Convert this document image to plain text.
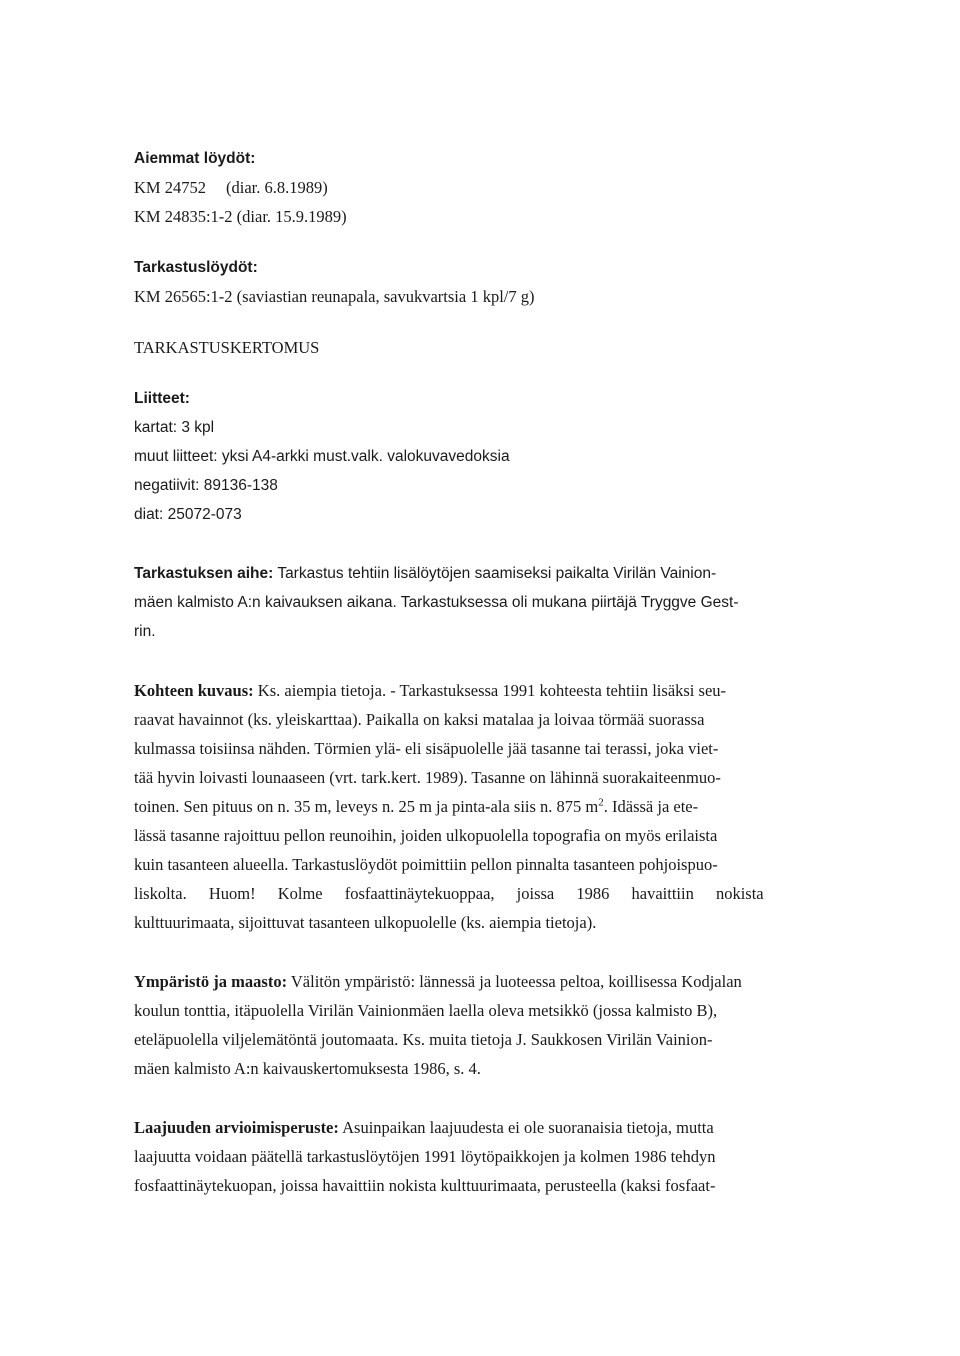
Aiemmat löydöt:
KM 24752 (diar. 6.8.1989)
KM 24835:1-2 (diar. 15.9.1989)
Tarkastuslöydöt:
KM 26565:1-2 (saviastian reunapala, savukvartsia 1 kpl/7 g)
TARKASTUSKERTOMUS
Liitteet:
kartat: 3 kpl
muut liitteet: yksi A4-arkki must.valk. valokuvavedoksia
negatiivit: 89136-138
diat: 25072-073
Tarkastuksen aihe: Tarkastus tehtiin lisälöytöjen saamiseksi paikalta Virilän Vainion-
mäen kalmisto A:n kaivauksen aikana. Tarkastuksessa oli mukana piirtäjä Tryggve Gest-
rin.
Kohteen kuvaus: Ks. aiempia tietoja. - Tarkastuksessa 1991 kohteesta tehtiin lisäksi seu-
raavat havainnot (ks. yleiskarttaa). Paikalla on kaksi matalaa ja loivaa törmää suorassa
kulmassa toisiinsa nähden. Törmien ylä- eli sisäpuolelle jää tasanne tai terassi, joka viet-
tää hyvin loivasti lounaaseen (vrt. tark.kert. 1989). Tasanne on lähinnä suorakaiteenmuo-
toinen. Sen pituus on n. 35 m, leveys n. 25 m ja pinta-ala siis n. 875 $m^2$. Idässä ja ete-
lässä tasanne rajoittuu pellon reunoihin, joiden ulkopuolella topografia on myös erilaista
kuin tasanteen alueella. Tarkastuslöydöt poimittiin pellon pinnalta tasanteen pohjoispuo-
liskolta. Huom! Kolme fosfaattinäytekuoppaa, joissa 1986 havaittiin nokista
kulttuurimaata, sijoittuvat tasanteen ulkopuolelle (ks. aiempia tietoja).
Ympäristö ja maasto: Välitön ympäristö: lännessä ja luoteessa peltoa, koillisessa Kodjalan
koulun tonttia, itäpuolella Virilän Vainionmäen laella oleva metsikkö (jossa kalmisto B),
eteläpuolella viljelemätöntä joutomaata. Ks. muita tietoja J. Saukkosen Virilän Vainion-
mäen kalmisto A:n kaivauskertomuksesta 1986, s. 4.
Laajuuden arvioimisperuste: Asuinpaikan laajuudesta ei ole suoranaisia tietoja, mutta
laajuutta voidaan päätellä tarkastuslöytöjen 1991 löytöpaikkojen ja kolmen 1986 tehdyn
fosfaattinäytekuopan, joissa havaittiin nokista kulttuurimaata, perusteella (kaksi fosfaat-
